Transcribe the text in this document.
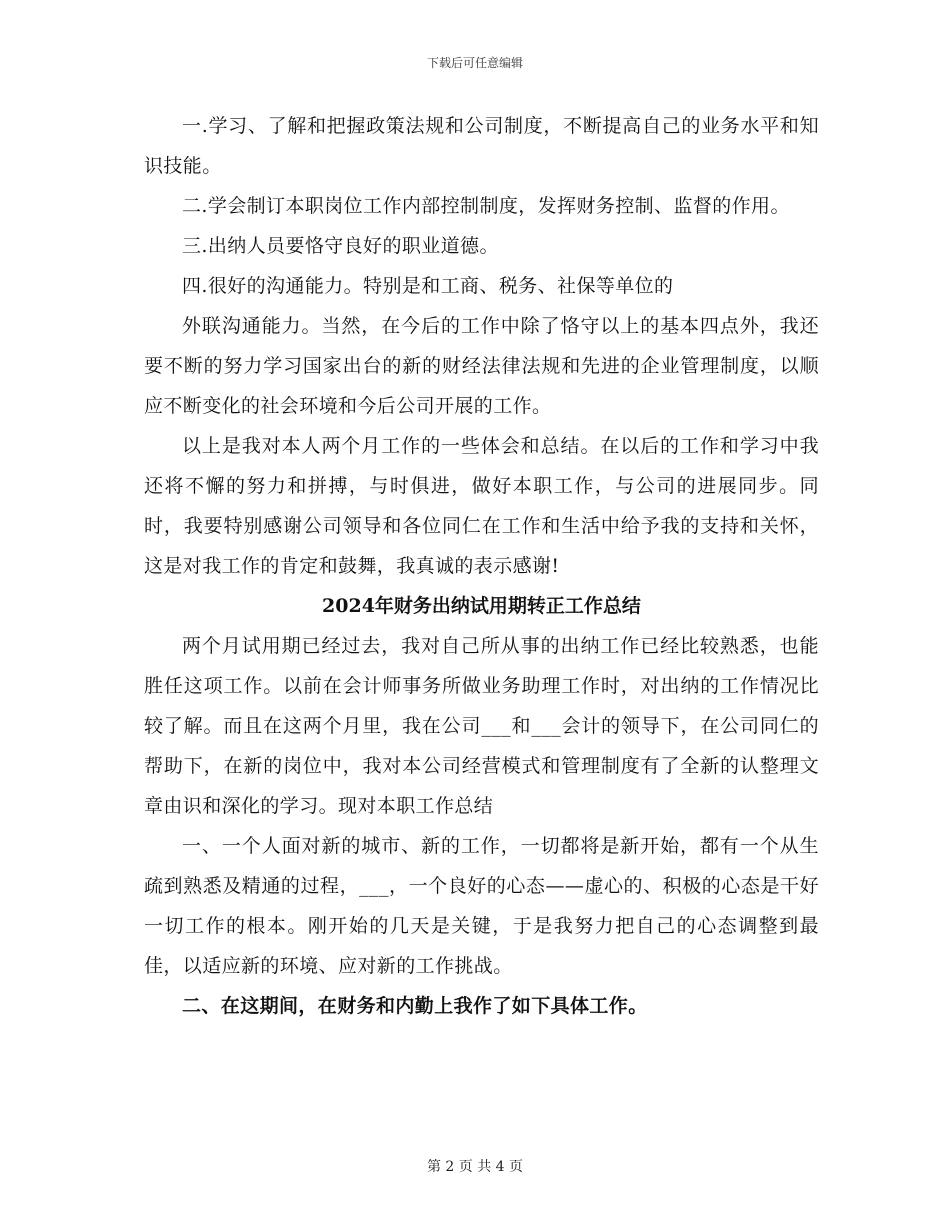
下载后可任意编辑

一.学习、了解和把握政策法规和公司制度，不断提高自己的业务水平和知识技能。

二.学会制订本职岗位工作内部控制制度，发挥财务控制、监督的作用。

三.出纳人员要恪守良好的职业道德。

四.很好的沟通能力。特别是和工商、税务、社保等单位的

外联沟通能力。当然，在今后的工作中除了恪守以上的基本四点外，我还要不断的努力学习国家出台的新的财经法律法规和先进的企业管理制度，以顺应不断变化的社会环境和今后公司开展的工作。

以上是我对本人两个月工作的一些体会和总结。在以后的工作和学习中我还将不懈的努力和拼搏，与时俱进，做好本职工作，与公司的进展同步。同时，我要特别感谢公司领导和各位同仁在工作和生活中给予我的支持和关怀，这是对我工作的肯定和鼓舞，我真诚的表示感谢!

2024年财务出纳试用期转正工作总结

两个月试用期已经过去，我对自己所从事的出纳工作已经比较熟悉，也能胜任这项工作。以前在会计师事务所做业务助理工作时，对出纳的工作情况比较了解。而且在这两个月里，我在公司___和___会计的领导下，在公司同仁的帮助下，在新的岗位中，我对本公司经营模式和管理制度有了全新的认整理文章由识和深化的学习。现对本职工作总结

一、一个人面对新的城市、新的工作，一切都将是新开始，都有一个从生疏到熟悉及精通的过程，___，一个良好的心态——虚心的、积极的心态是干好一切工作的根本。刚开始的几天是关键，于是我努力把自己的心态调整到最佳，以适应新的环境、应对新的工作挑战。

二、在这期间，在财务和内勤上我作了如下具体工作。

第 2 页 共 4 页
